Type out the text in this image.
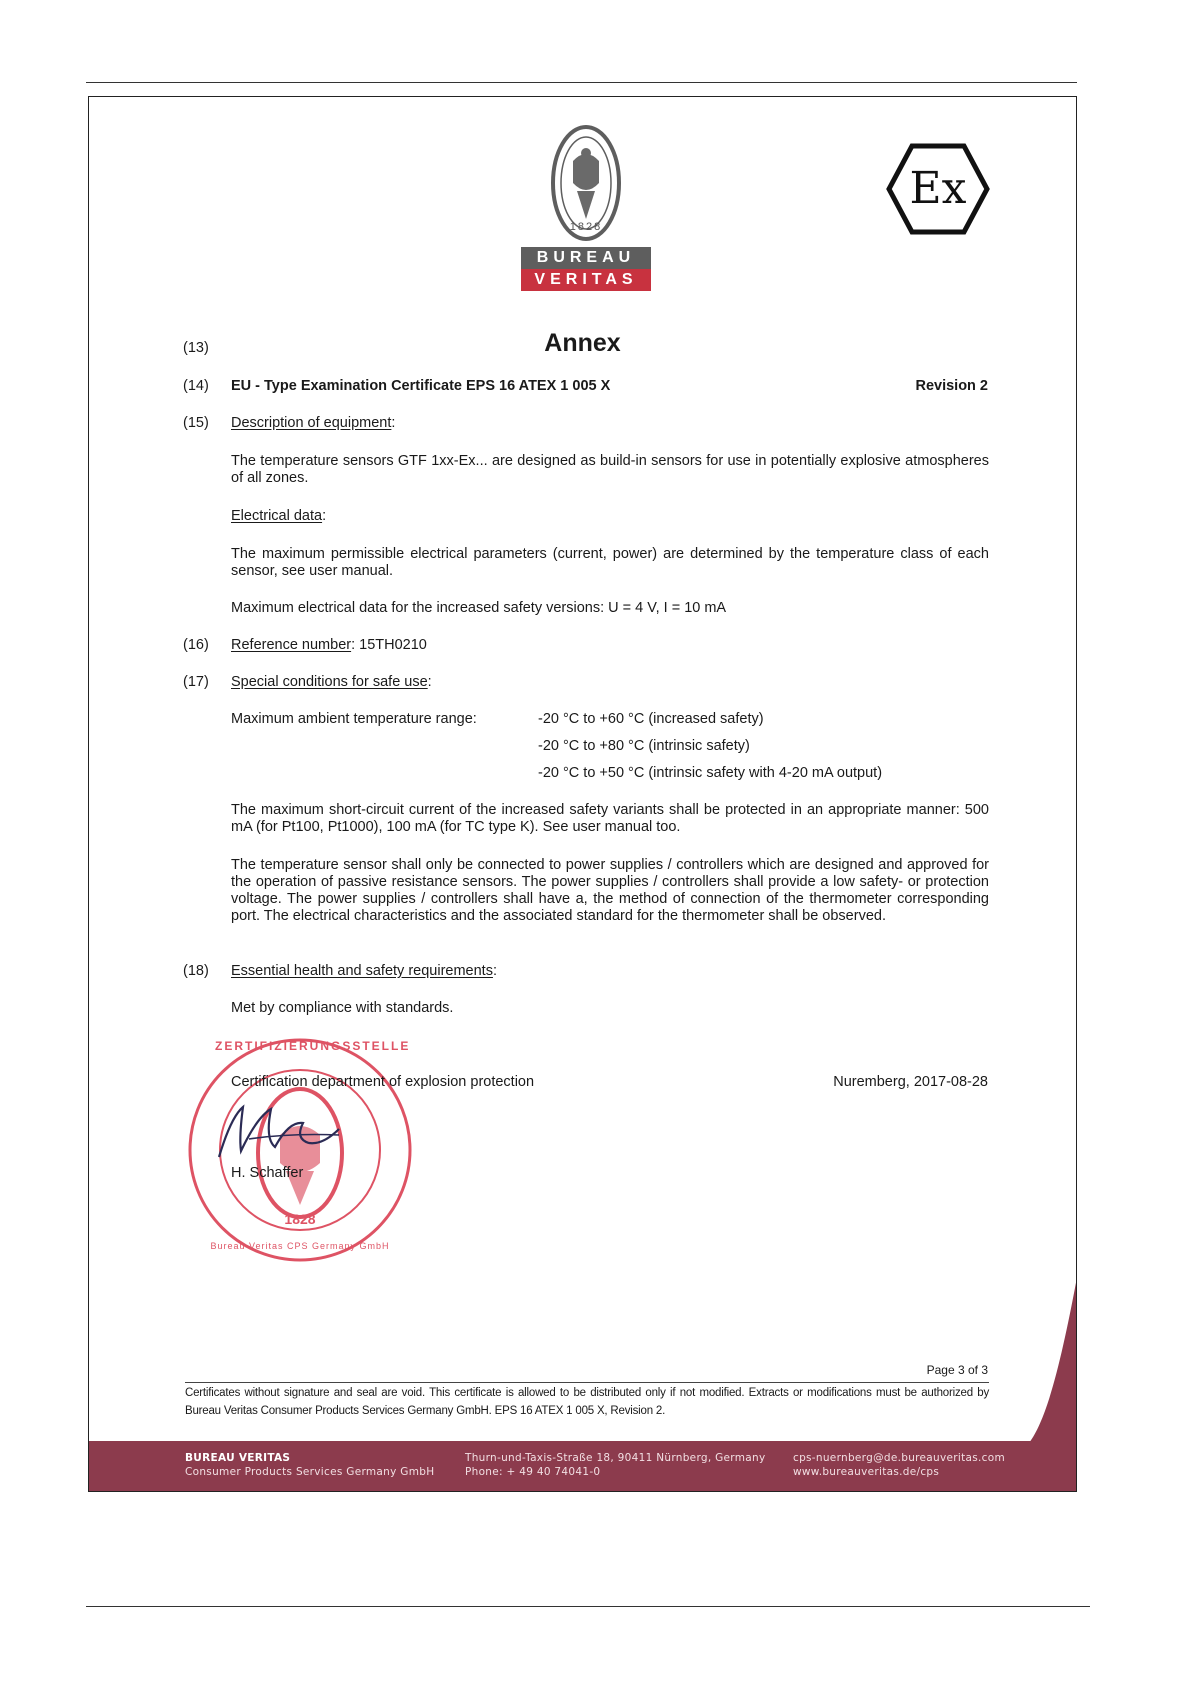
1828
BUREAU
VERITAS
Ex
(13)	Annex
(14) EU - Type Examination Certificate EPS 16 ATEX 1 005 X	Revision 2
(15) Description of equipment:
The temperature sensors GTF 1xx-Ex... are designed as build-in sensors for use in potentially explosive atmospheres of all zones.
Electrical data:
The maximum permissible electrical parameters (current, power) are determined by the temperature class of each sensor, see user manual.
Maximum electrical data for the increased safety versions: U = 4 V, I = 10 mA
(16) Reference number: 15TH0210
(17) Special conditions for safe use:
Maximum ambient temperature range:	-20 °C to +60 °C (increased safety)
-20 °C to +80 °C (intrinsic safety)
-20 °C to +50 °C (intrinsic safety with 4-20 mA output)
The maximum short-circuit current of the increased safety variants shall be protected in an appropriate manner: 500 mA (for Pt100, Pt1000), 100 mA (for TC type K). See user manual too.
The temperature sensor shall only be connected to power supplies / controllers which are designed and approved for the operation of passive resistance sensors. The power supplies / controllers shall provide a low safety- or protection voltage. The power supplies / controllers shall have a, the method of connection of the thermometer corresponding port. The electrical characteristics and the associated standard for the thermometer shall be observed.
(18) Essential health and safety requirements:
Met by compliance with standards.
ZERTIFIZIERUNGSSTELLE
Bureau Veritas CPS Germany GmbH
1828
Certification department of explosion protection	Nuremberg, 2017-08-28
H. Schaffer
Page 3 of 3
Certificates without signature and seal are void. This certificate is allowed to be distributed only if not modified. Extracts or modifications must be authorized by Bureau Veritas Consumer Products Services Germany GmbH. EPS 16 ATEX 1 005 X, Revision 2.
BUREAU VERITAS
Consumer Products Services Germany GmbH
Thurn-und-Taxis-Straße 18, 90411 Nürnberg, Germany
Phone: + 49 40 74041-0
cps-nuernberg@de.bureauveritas.com
www.bureauveritas.de/cps
